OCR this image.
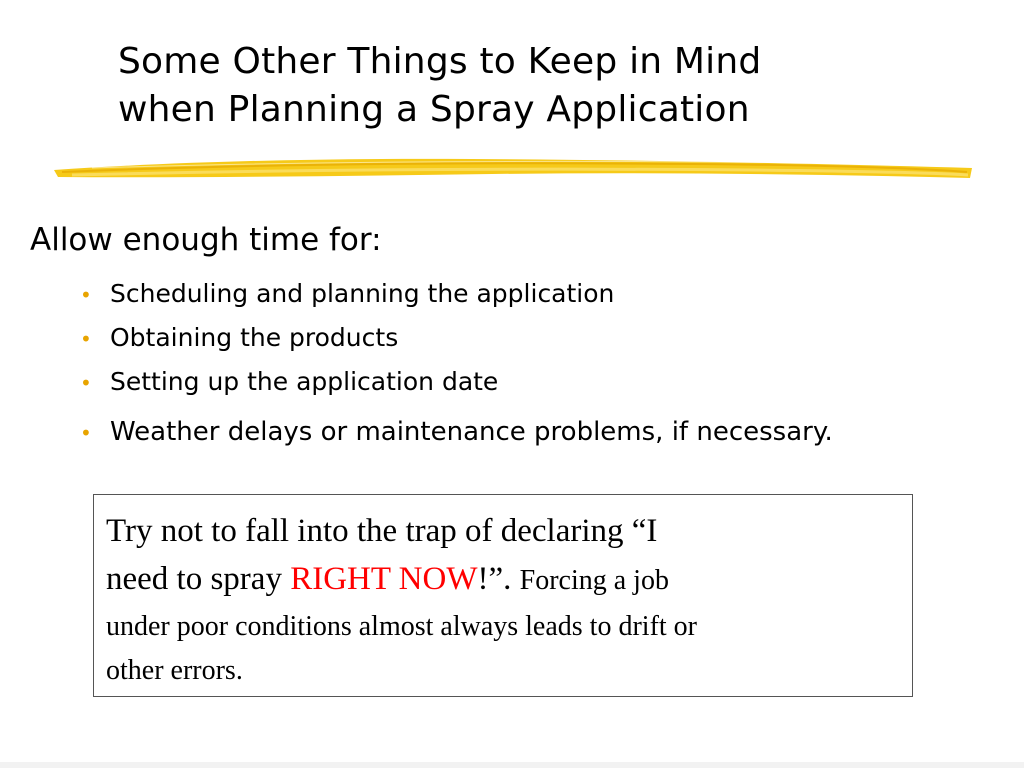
Some Other Things to Keep in Mind
when Planning a Spray Application
Allow enough time for:
• Scheduling and planning the application
• Obtaining the products
• Setting up the application date
• Weather delays or maintenance problems, if necessary.

Try not to fall into the trap of declaring “I

need to spray RIGHT NOW!”. Forcing a job

under poor conditions almost always leads to drift or

other errors.
